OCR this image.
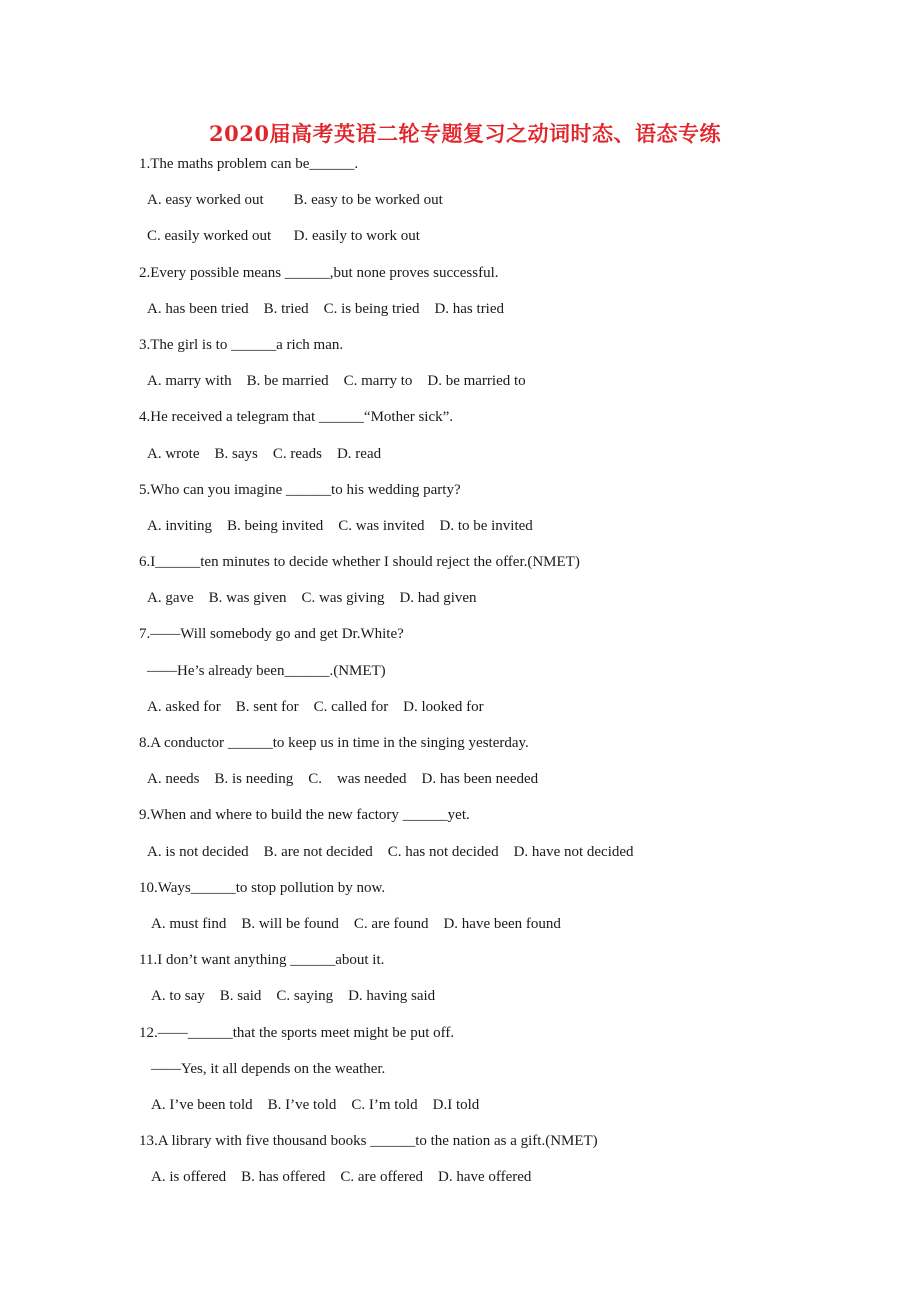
2020届高考英语二轮专题复习之动词时态、语态专练
1.The maths problem can be______.
A. easy worked out        B. easy to be worked out
C. easily worked out      D. easily to work out
2.Every possible means ______,but none proves successful.
A. has been tried    B. tried    C. is being tried    D. has tried
3.The girl is to ______a rich man.
A. marry with    B. be married    C. marry to    D. be married to
4.He received a telegram that ______“Mother sick”.
A. wrote    B. says    C. reads    D. read
5.Who can you imagine ______to his wedding party?
A. inviting    B. being invited    C. was invited    D. to be invited
6.I______ten minutes to decide whether I should reject the offer.(NMET)
A. gave    B. was given    C. was giving    D. had given
7.——Will somebody go and get Dr.White?
——He’s already been______.(NMET)
A. asked for    B. sent for    C. called for    D. looked for
8.A conductor ______to keep us in time in the singing yesterday.
A. needs    B. is needing    C.    was needed    D. has been needed
9.When and where to build the new factory ______yet.
A. is not decided    B. are not decided    C. has not decided    D. have not decided
10.Ways______to stop pollution by now.
A. must find    B. will be found    C. are found    D. have been found
11.I don’t want anything ______about it.
A. to say    B. said    C. saying    D. having said
12.——______that the sports meet might be put off.
——Yes, it all depends on the weather.
A. I’ve been told    B. I’ve told    C. I’m told    D.I told
13.A library with five thousand books ______to the nation as a gift.(NMET)
A. is offered    B. has offered    C. are offered    D. have offered
